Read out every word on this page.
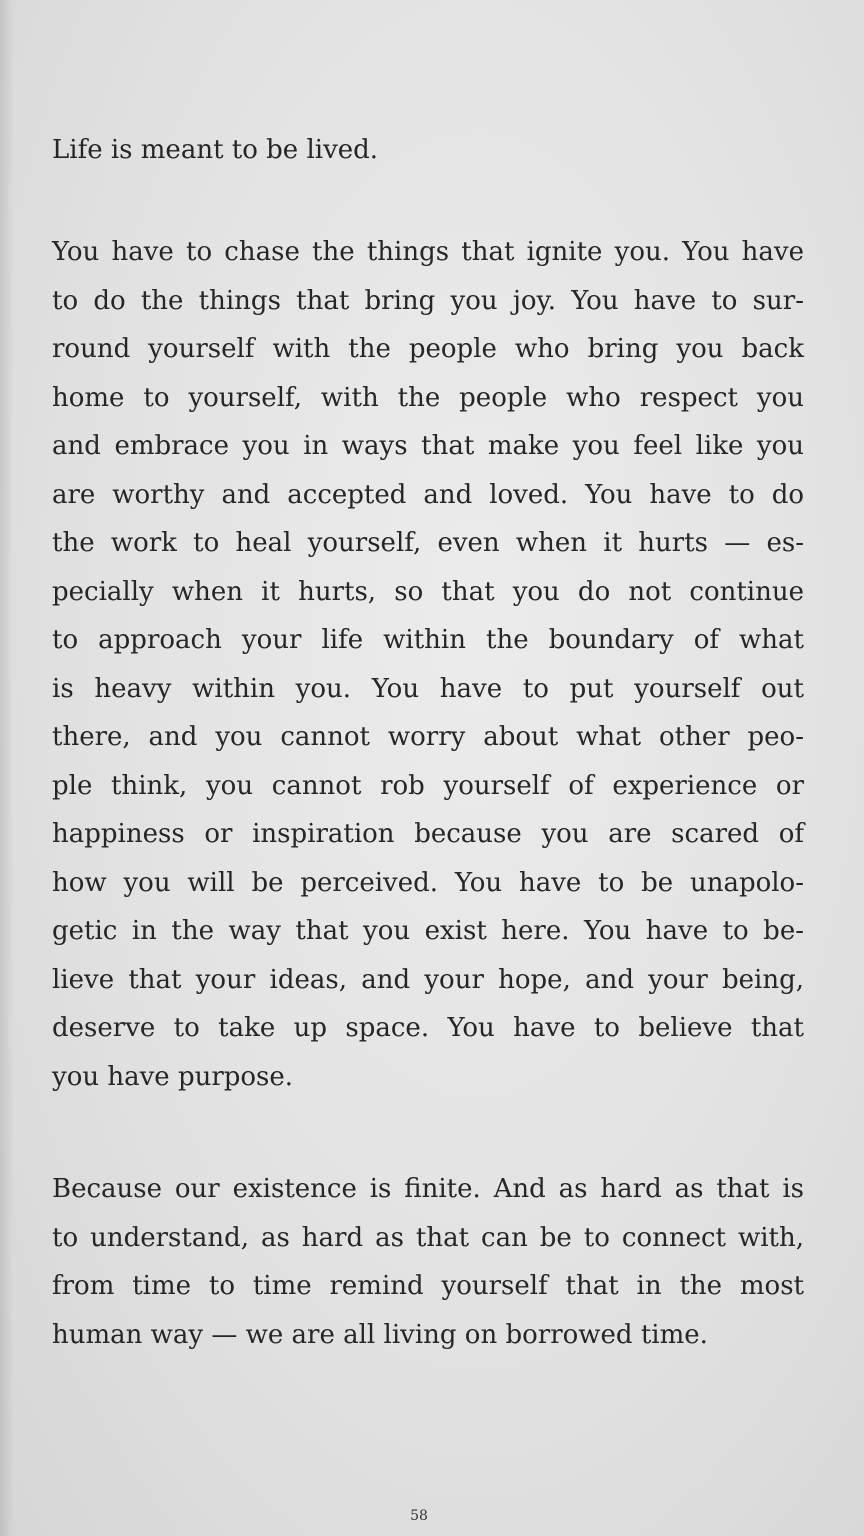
Life is meant to be lived.

You have to chase the things that ignite you. You have
to do the things that bring you joy. You have to sur-
round yourself with the people who bring you back
home to yourself, with the people who respect you
and embrace you in ways that make you feel like you
are worthy and accepted and loved. You have to do
the work to heal yourself, even when it hurts — es-
pecially when it hurts, so that you do not continue
to approach your life within the boundary of what
is heavy within you. You have to put yourself out
there, and you cannot worry about what other peo-
ple think, you cannot rob yourself of experience or
happiness or inspiration because you are scared of
how you will be perceived. You have to be unapolo-
getic in the way that you exist here. You have to be-
lieve that your ideas, and your hope, and your being,
deserve to take up space. You have to believe that
you have purpose.

Because our existence is finite. And as hard as that is
to understand, as hard as that can be to connect with,
from time to time remind yourself that in the most
human way — we are all living on borrowed time.

58
